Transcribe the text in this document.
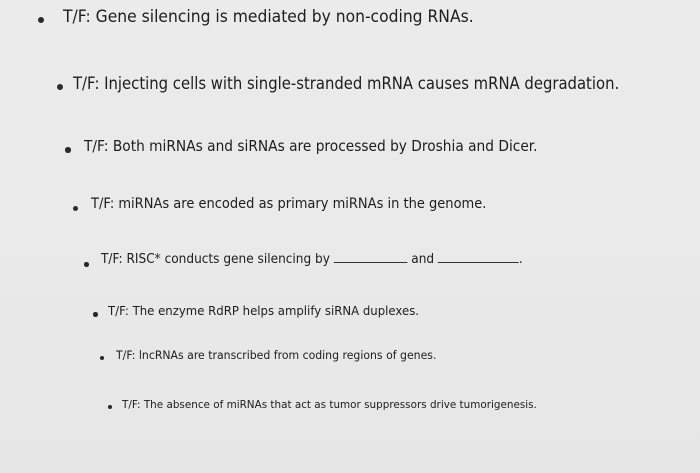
T/F: Gene silencing is mediated by non-coding RNAs.
T/F: Injecting cells with single-stranded mRNA causes mRNA degradation.
T/F: Both miRNAs and siRNAs are processed by Droshia and Dicer.
T/F: miRNAs are encoded as primary miRNAs in the genome.
T/F: RISC* conducts gene silencing by	and	.
T/F: The enzyme RdRP helps amplify siRNA duplexes.
T/F: lncRNAs are transcribed from coding regions of genes.
T/F: The absence of miRNAs that act as tumor suppressors drive tumorigenesis.
